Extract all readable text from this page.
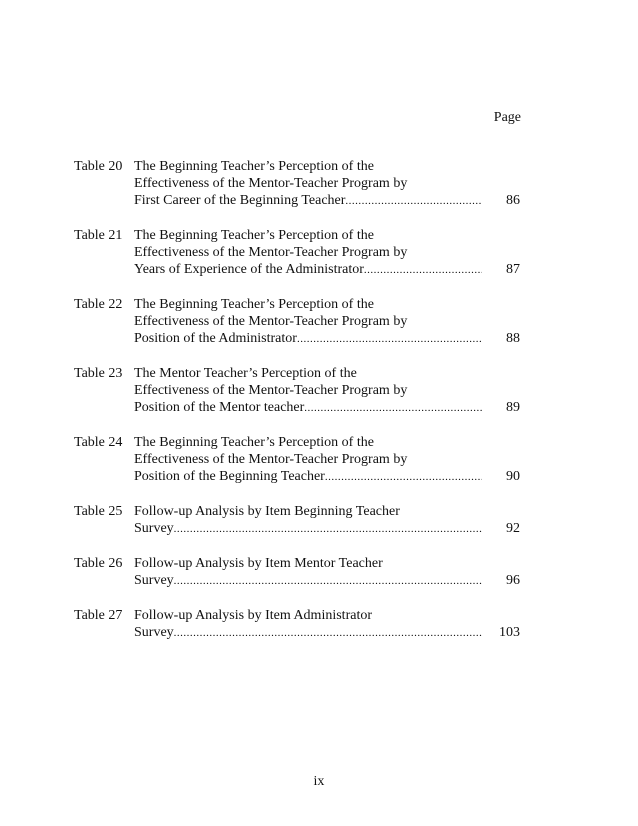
Page
Table 20 The Beginning Teacher’s Perception of the
Effectiveness of the Mentor-Teacher Program by
First Career of the Beginning Teacher .....	86
Table 21 The Beginning Teacher’s Perception of the
Effectiveness of the Mentor-Teacher Program by
Years of Experience of the Administrator .....	87
Table 22 The Beginning Teacher’s Perception of the
Effectiveness of the Mentor-Teacher Program by
Position of the Administrator .....	88
Table 23 The Mentor Teacher’s Perception of the
Effectiveness of the Mentor-Teacher Program by
Position of the Mentor teacher .....	89
Table 24 The Beginning Teacher’s Perception of the
Effectiveness of the Mentor-Teacher Program by
Position of the Beginning Teacher .....	90
Table 25 Follow-up Analysis by Item Beginning Teacher
Survey .....	92
Table 26 Follow-up Analysis by Item Mentor Teacher
Survey .....	96
Table 27 Follow-up Analysis by Item Administrator
Survey .....	103
ix
